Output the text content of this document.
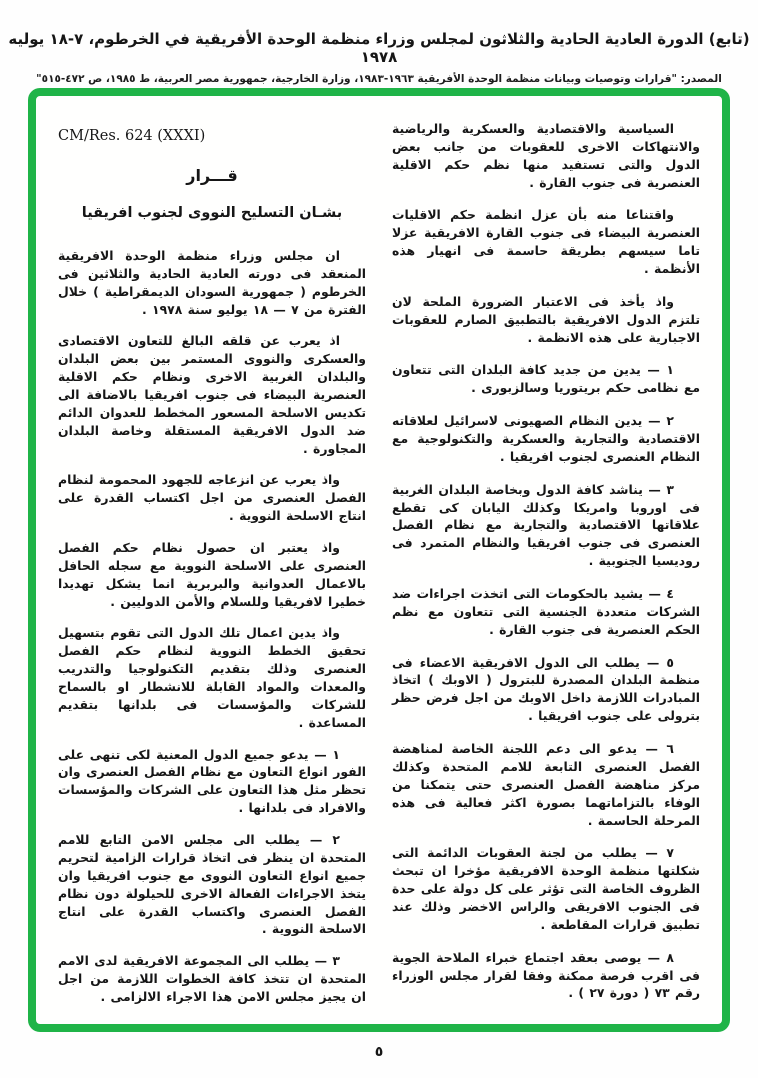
(تابع) الدورة العادية الحادية والثلاثون لمجلس وزراء منظمة الوحدة الأفريقية في الخرطوم، ٧-١٨ يوليه ١٩٧٨
المصدر: "قرارات وتوصيات وبيانات منظمة الوحدة الأفريقية ١٩٦٣-١٩٨٣، وزارة الخارجية، جمهورية مصر العربية، ط ١٩٨٥، ص ٤٧٢-٥١٥"
السياسية والاقتصادية والعسكرية والرياضية والانتهاكات الاخرى للعقوبات من جانب بعض الدول والتى تستفيد منها نظم حكم الاقلية العنصرية فى جنوب القارة .
واقتناعا منه بأن عزل انظمة حكم الاقليات العنصرية البيضاء فى جنوب القارة الافريقية عزلا تاما سيسهم بطريقة حاسمة فى انهيار هذه الأنظمة .
واذ يأخذ فى الاعتبار الضرورة الملحة لان تلتزم الدول الافريقية بالتطبيق الصارم للعقوبات الاجبارية على هذه الانظمة .
١ — يدين من جديد كافة البلدان التى تتعاون مع نظامى حكم بريتوريا وسالزبورى .
٢ — يدين النظام الصهيونى لاسرائيل لعلاقاته الاقتصادية والتجارية والعسكرية والتكنولوجية مع النظام العنصرى لجنوب افريقيا .
٣ — يناشد كافة الدول وبخاصة البلدان الغربية فى اوروبا وامريكا وكذلك اليابان كى تقطع علاقاتها الاقتصادية والتجارية مع نظام الفصل العنصرى فى جنوب افريقيا والنظام المتمرد فى روديسيا الجنوبية .
٤ — يشيد بالحكومات التى اتخذت اجراءات ضد الشركات متعددة الجنسية التى تتعاون مع نظم الحكم العنصرية فى جنوب القارة .
٥ — يطلب الى الدول الافريقية الاعضاء فى منظمة البلدان المصدرة للبترول ( الاوبك ) اتخاذ المبادرات اللازمة داخل الاوبك من اجل فرض حظر بترولى على جنوب افريقيا .
٦ — يدعو الى دعم اللجنة الخاصة لمناهضة الفصل العنصرى التابعة للامم المتحدة وكذلك مركز مناهضة الفصل العنصرى حتى يتمكنا من الوفاء بالتزاماتهما بصورة اكثر فعالية فى هذه المرحلة الحاسمة .
٧ — يطلب من لجنة العقوبات الدائمة التى شكلتها منظمة الوحدة الافريقية مؤخرا ان تبحث الظروف الخاصة التى تؤثر على كل دولة على حدة فى الجنوب الافريقى والراس الاخضر وذلك عند تطبيق قرارات المقاطعة .
٨ — يوصى بعقد اجتماع خبراء الملاحة الجوية فى اقرب فرصة ممكنة وفقا لقرار مجلس الوزراء رقم ٧٣ ( دورة ٢٧ ) .
CM/Res. 624 (XXXI)
قـــرار
بشـان التسليح النووى لجنوب افريقيا
ان مجلس وزراء منظمة الوحدة الافريقية المنعقد فى دورته العادية الحادية والثلاثين فى الخرطوم ( جمهورية السودان الديمقراطية ) خلال الفترة من ٧ — ١٨ يوليو سنة ١٩٧٨ .
اذ يعرب عن قلقه البالغ للتعاون الاقتصادى والعسكرى والنووى المستمر بين بعض البلدان والبلدان الغربية الاخرى ونظام حكم الاقلية العنصرية البيضاء فى جنوب افريقيا بالاضافة الى تكديس الاسلحة المسعور المخطط للعدوان الدائم ضد الدول الافريقية المستقلة وخاصة البلدان المجاورة .
واذ يعرب عن انزعاجه للجهود المحمومة لنظام الفصل العنصرى من اجل اكتساب القدرة على انتاج الاسلحة النووية .
واذ يعتبر ان حصول نظام حكم الفصل العنصرى على الاسلحة النووية مع سجله الحافل بالاعمال العدوانية والبربرية انما يشكل تهديدا خطيرا لافريقيا وللسلام والأمن الدوليين .
واذ يدين اعمال تلك الدول التى تقوم بتسهيل تحقيق الخطط النووية لنظام حكم الفصل العنصرى وذلك بتقديم التكنولوجيا والتدريب والمعدات والمواد القابلة للانشطار او بالسماح للشركات والمؤسسات فى بلدانها بتقديم المساعدة .
١ — يدعو جميع الدول المعنية لكى تنهى على الفور انواع التعاون مع نظام الفصل العنصرى وان تحظر مثل هذا التعاون على الشركات والمؤسسات والافراد فى بلدانها .
٢ — يطلب الى مجلس الامن التابع للامم المتحدة ان ينظر فى اتخاذ قرارات الزامية لتحريم جميع انواع التعاون النووى مع جنوب افريقيا وان يتخذ الاجراءات الفعالة الاخرى للحيلولة دون نظام الفصل العنصرى واكتساب القدرة على انتاج الاسلحة النووية .
٣ — يطلب الى المجموعة الافريقية لدى الامم المتحدة ان تتخذ كافة الخطوات اللازمة من اجل ان يجيز مجلس الامن هذا الاجراء الالزامى .
٥
